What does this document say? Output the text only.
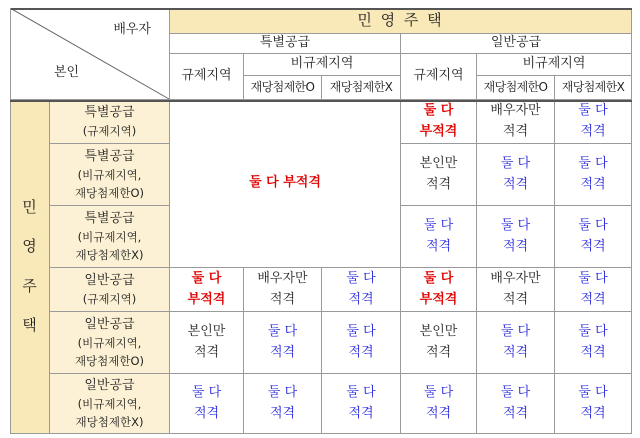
배우자
본인
민 영 주 택
특별공급	일반공급
규제지역
비규제지역
재당첨제한O 재당첨제한X
규제지역
비규제지역
재당첨제한O 재당첨제한X
민
영
주
택
특별공급
(규제지역)
특별공급
(비규제지역,
재당첨제한O)
특별공급
(비규제지역,
재당첨제한X)
일반공급
(규제지역)
일반공급
(비규제지역,
재당첨제한O)
일반공급
(비규제지역,
재당첨제한X)
둘 다 부적격
둘 다
부적격
배우자만
적격
둘 다
적격
본인만
적격
둘 다
적격
둘 다
적격
둘 다
적격
둘 다
적격
둘 다
적격
둘 다
부적격
배우자만
적격
둘 다
적격
둘 다
부적격
배우자만
적격
둘 다
적격
본인만
적격
둘 다
적격
둘 다
적격
본인만
적격
둘 다
적격
둘 다
적격
둘 다
적격
둘 다
적격
둘 다
적격
둘 다
적격
둘 다
적격
둘 다
적격
